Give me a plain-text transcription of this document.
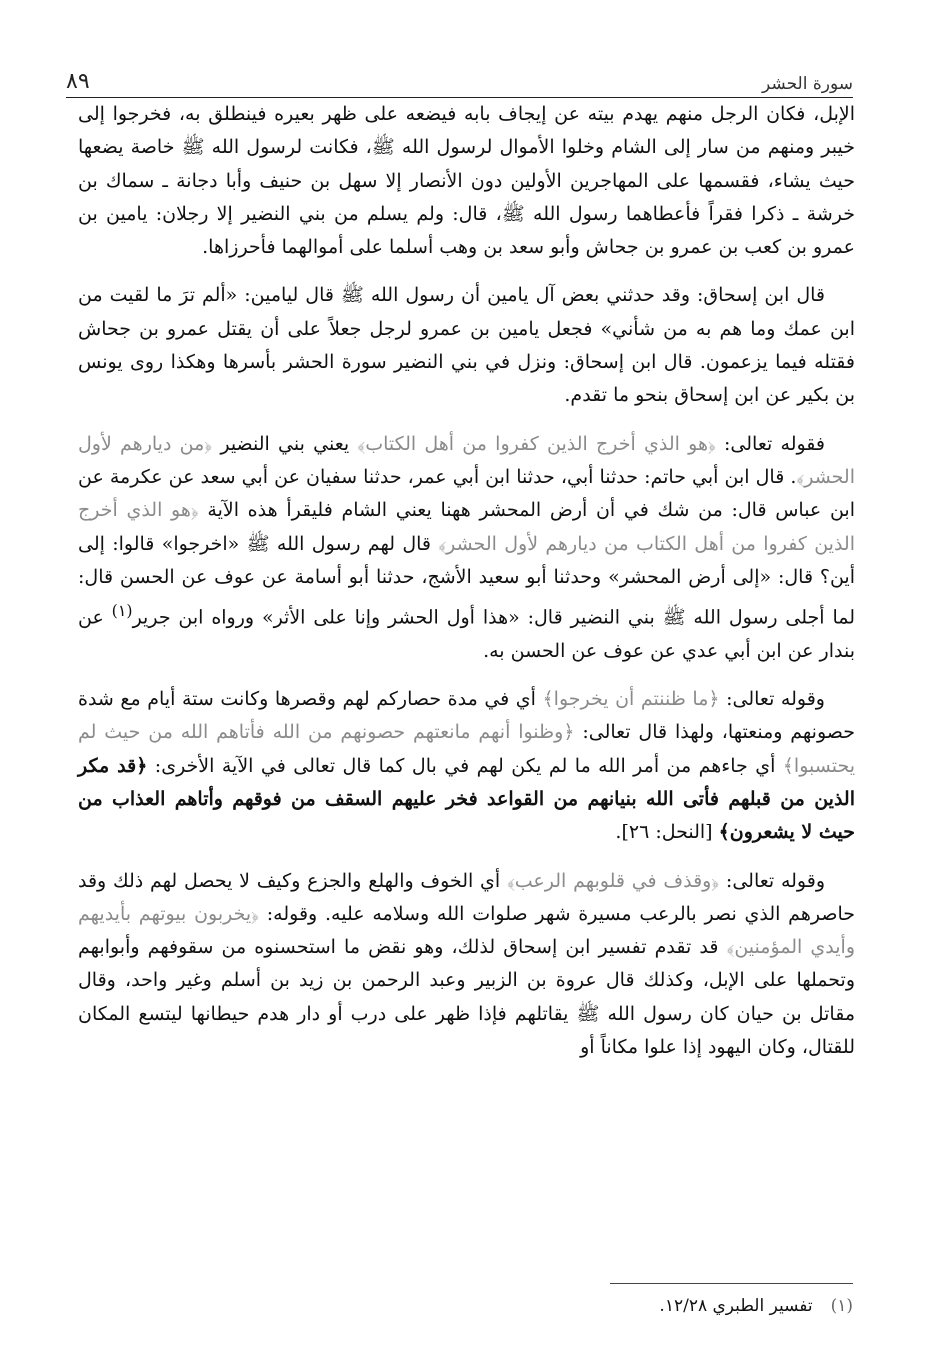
سورة الحشر
٨٩

الإبل، فكان الرجل منهم يهدم بيته عن إيجاف بابه فيضعه على ظهر بعيره فينطلق به، فخرجوا إلى خيبر ومنهم من سار إلى الشام وخلوا الأموال لرسول الله ﷺ، فكانت لرسول الله ﷺ خاصة يضعها حيث يشاء، فقسمها على المهاجرين الأولين دون الأنصار إلا سهل بن حنيف وأبا دجانة ـ سماك بن خرشة ـ ذكرا فقراً فأعطاهما رسول الله ﷺ، قال: ولم يسلم من بني النضير إلا رجلان: يامين بن عمرو بن كعب بن عمرو بن جحاش وأبو سعد بن وهب أسلما على أموالهما فأحرزاها.

قال ابن إسحاق: وقد حدثني بعض آل يامين أن رسول الله ﷺ قال ليامين: «ألم ترَ ما لقيت من ابن عمك وما هم به من شأني» فجعل يامين بن عمرو لرجل جعلاً على أن يقتل عمرو بن جحاش فقتله فيما يزعمون. قال ابن إسحاق: ونزل في بني النضير سورة الحشر بأسرها وهكذا روى يونس بن بكير عن ابن إسحاق بنحو ما تقدم.

فقوله تعالى: ﴿هو الذي أخرج الذين كفروا من أهل الكتاب﴾ يعني بني النضير ﴿من ديارهم لأول الحشر﴾. قال ابن أبي حاتم: حدثنا أبي، حدثنا ابن أبي عمر، حدثنا سفيان عن أبي سعد عن عكرمة عن ابن عباس قال: من شك في أن أرض المحشر ههنا يعني الشام فليقرأ هذه الآية ﴿هو الذي أخرج الذين كفروا من أهل الكتاب من ديارهم لأول الحشر﴾ قال لهم رسول الله ﷺ «اخرجوا» قالوا: إلى أين؟ قال: «إلى أرض المحشر» وحدثنا أبو سعيد الأشج، حدثنا أبو أسامة عن عوف عن الحسن قال: لما أجلى رسول الله ﷺ بني النضير قال: «هذا أول الحشر وإنا على الأثر» ورواه ابن جرير$^{(١)}$ عن بندار عن ابن أبي عدي عن عوف عن الحسن به.

وقوله تعالى: ﴿ما ظننتم أن يخرجوا﴾ أي في مدة حصاركم لهم وقصرها وكانت ستة أيام مع شدة حصونهم ومنعتها، ولهذا قال تعالى: ﴿وظنوا أنهم مانعتهم حصونهم من الله فأتاهم الله من حيث لم يحتسبوا﴾ أي جاءهم من أمر الله ما لم يكن لهم في بال كما قال تعالى في الآية الأخرى: ﴿قد مكر الذين من قبلهم فأتى الله بنيانهم من القواعد فخر عليهم السقف من فوقهم وأتاهم العذاب من حيث لا يشعرون﴾ [النحل: ٢٦].

وقوله تعالى: ﴿وقذف في قلوبهم الرعب﴾ أي الخوف والهلع والجزع وكيف لا يحصل لهم ذلك وقد حاصرهم الذي نصر بالرعب مسيرة شهر صلوات الله وسلامه عليه. وقوله: ﴿يخربون بيوتهم بأيديهم وأيدي المؤمنين﴾ قد تقدم تفسير ابن إسحاق لذلك، وهو نقض ما استحسنوه من سقوفهم وأبوابهم وتحملها على الإبل، وكذلك قال عروة بن الزبير وعبد الرحمن بن زيد بن أسلم وغير واحد، وقال مقاتل بن حيان كان رسول الله ﷺ يقاتلهم فإذا ظهر على درب أو دار هدم حيطانها ليتسع المكان للقتال، وكان اليهود إذا علوا مكاناً أو

(١)تفسير الطبري ١٢/٢٨.
